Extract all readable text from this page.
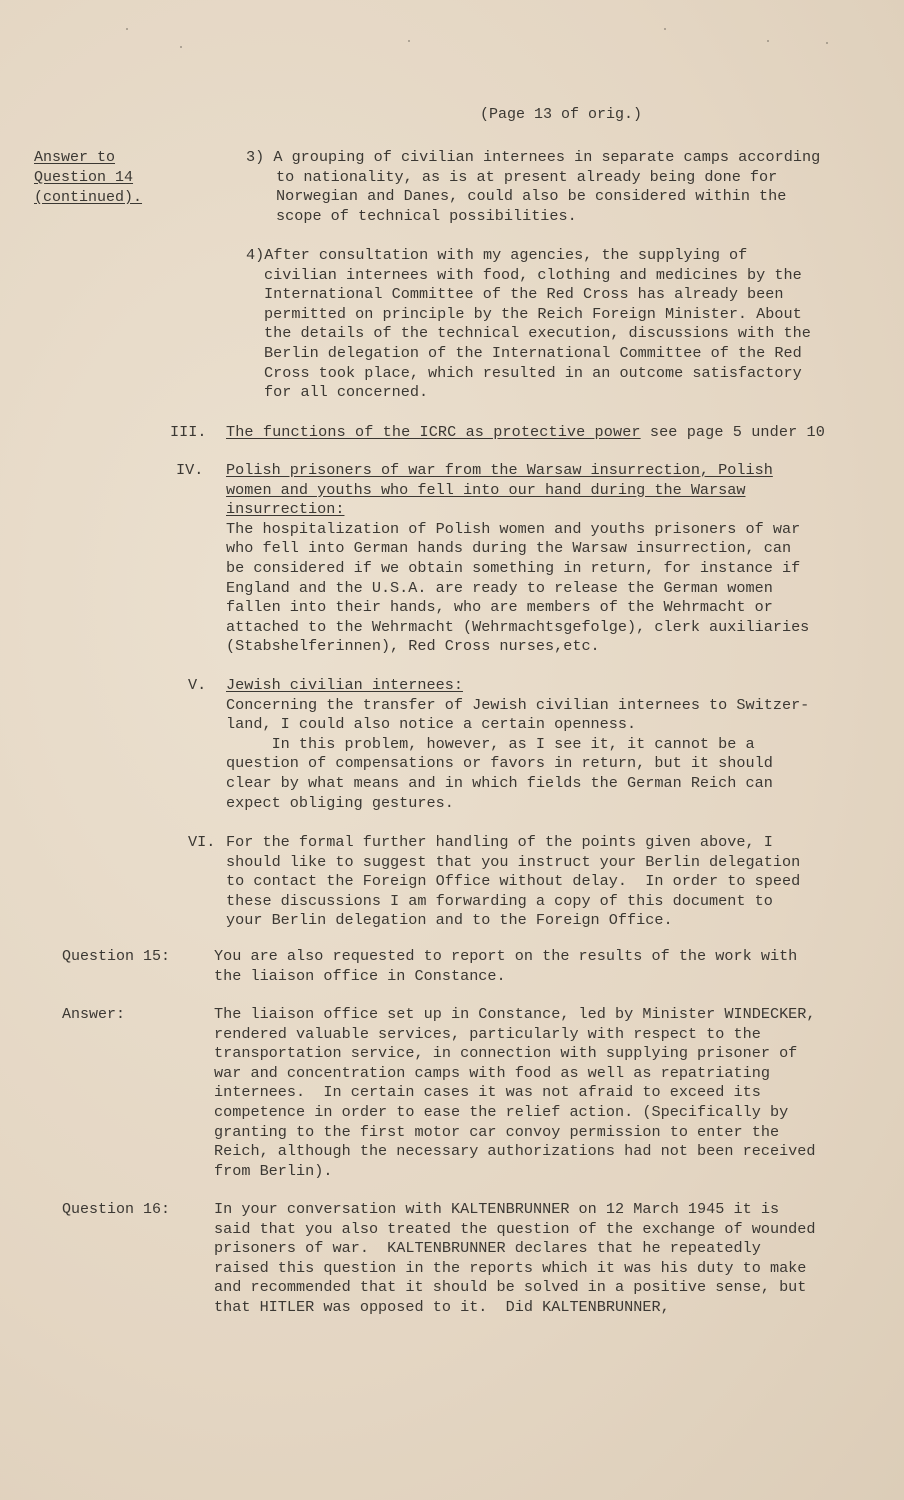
(Page 13 of orig.)
Answer to
Question 14
(continued).
3) A grouping of civilian internees in separate camps according
to nationality, as is at present already being done for
Norwegian and Danes, could also be considered within the
scope of technical possibilities.
4)After consultation with my agencies, the supplying of
civilian internees with food, clothing and medicines by the
International Committee of the Red Cross has already been
permitted on principle by the Reich Foreign Minister. About
the details of the technical execution, discussions with the
Berlin delegation of the International Committee of the Red
Cross took place, which resulted in an outcome satisfactory
for all concerned.
III. The functions of the ICRC as protective power see page 5 under 10
IV. Polish prisoners of war from the Warsaw insurrection, Polish
women and youths who fell into our hand during the Warsaw
insurrection:
The hospitalization of Polish women and youths prisoners of war
who fell into German hands during the Warsaw insurrection, can
be considered if we obtain something in return, for instance if
England and the U.S.A. are ready to release the German women
fallen into their hands, who are members of the Wehrmacht or
attached to the Wehrmacht (Wehrmachtsgefolge), clerk auxiliaries
(Stabshelferinnen), Red Cross nurses,etc.
V. Jewish civilian internees:
Concerning the transfer of Jewish civilian internees to Switzer-
land, I could also notice a certain openness.
In this problem, however, as I see it, it cannot be a
question of compensations or favors in return, but it should
clear by what means and in which fields the German Reich can
expect obliging gestures.
VI. For the formal further handling of the points given above, I
should like to suggest that you instruct your Berlin delegation
to contact the Foreign Office without delay.  In order to speed
these discussions I am forwarding a copy of this document to
your Berlin delegation and to the Foreign Office.
Question 15:	You are also requested to report on the results of the work with
the liaison office in Constance.
Answer:	The liaison office set up in Constance, led by Minister WINDECKER,
rendered valuable services, particularly with respect to the
transportation service, in connection with supplying prisoner of
war and concentration camps with food as well as repatriating
internees.  In certain cases it was not afraid to exceed its
competence in order to ease the relief action. (Specifically by
granting to the first motor car convoy permission to enter the
Reich, although the necessary authorizations had not been received
from Berlin).
Question 16:	In your conversation with KALTENBRUNNER on 12 March 1945 it is
said that you also treated the question of the exchange of wounded
prisoners of war.  KALTENBRUNNER declares that he repeatedly
raised this question in the reports which it was his duty to make
and recommended that it should be solved in a positive sense, but
that HITLER was opposed to it.  Did KALTENBRUNNER,
